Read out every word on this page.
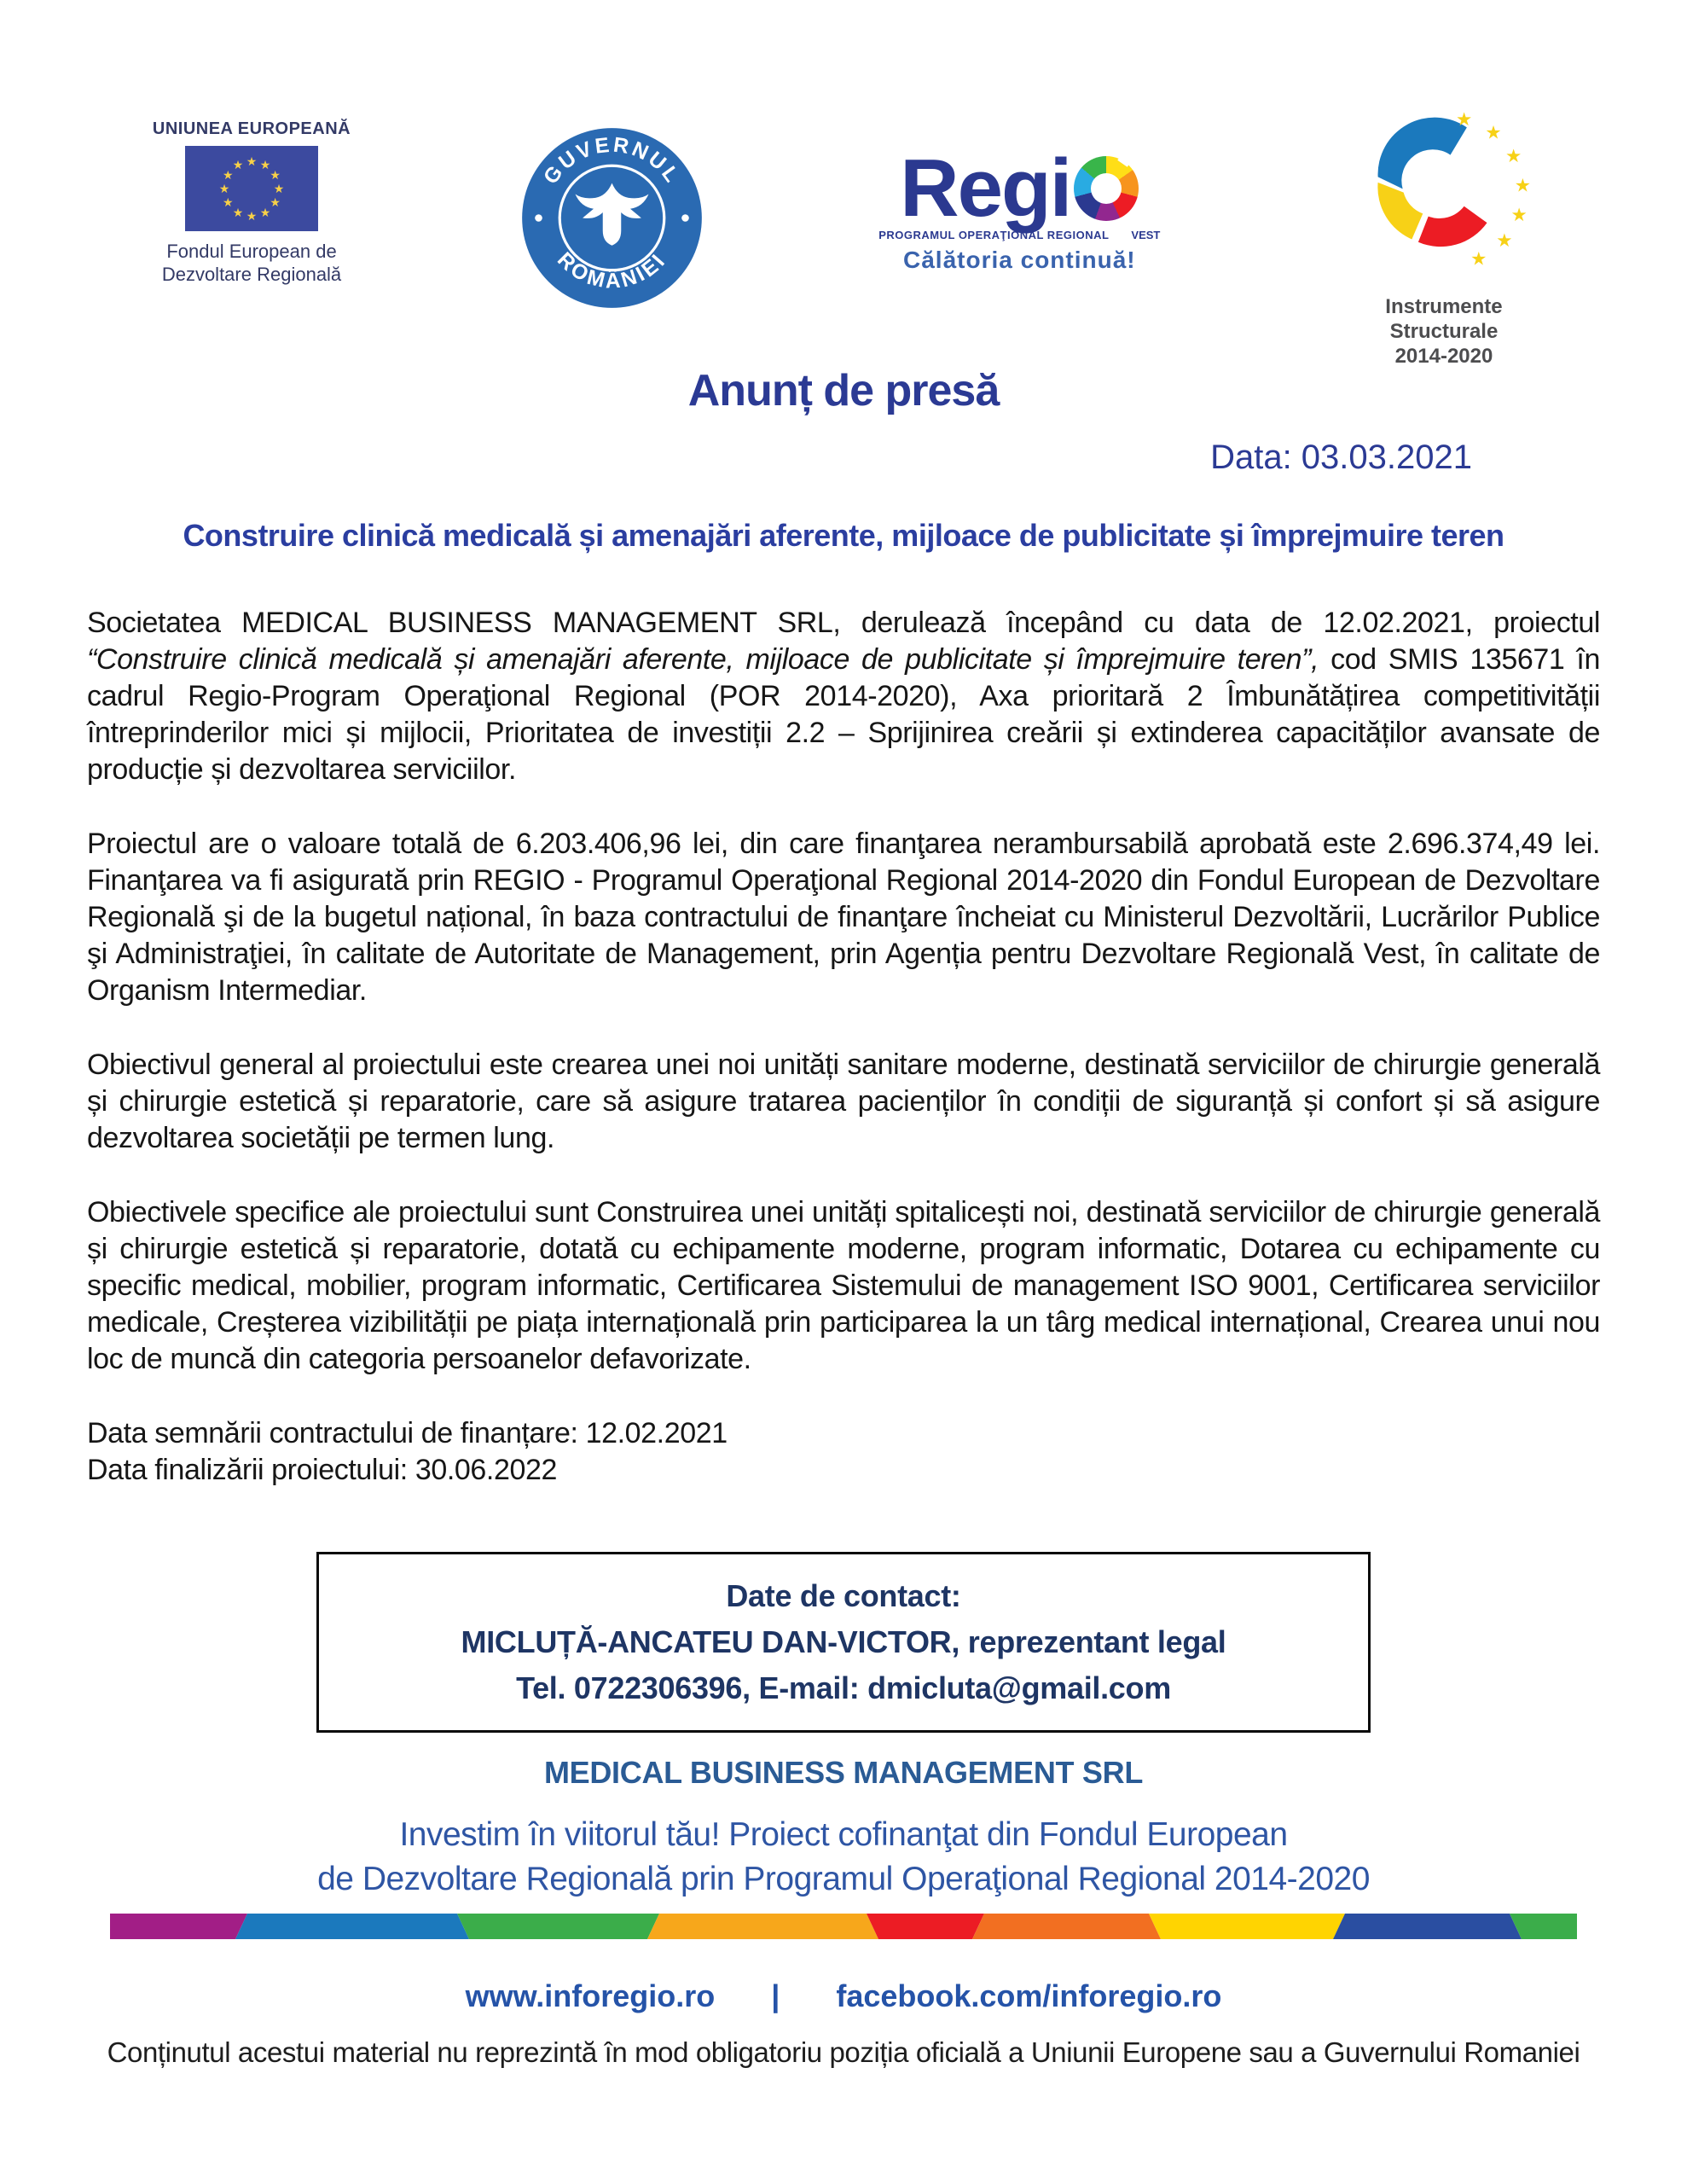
UNIUNEA EUROPEANĂ
★ ★
★
★
★
★
★
★
★
★
★
★
Fondul European de
Dezvoltare Regională
GUVERNUL
ROMÂNIEI
Regi
PROGRAMUL OPERAŢIONAL REGIONAL VEST
Călătoria continuă!
★
★
★
★
★
★
★
Instrumente Structurale
2014-2020
Anunț de presă
Data: 03.03.2021
Construire clinică medicală și amenajări aferente, mijloace de publicitate și împrejmuire teren

Societatea MEDICAL BUSINESS MANAGEMENT SRL, derulează începând cu data de 12.02.2021, proiectul “Construire clinică medicală și amenajări aferente, mijloace de publicitate și împrejmuire teren”, cod SMIS 135671 în cadrul Regio-Program Operaţional Regional (POR 2014-2020), Axa prioritară 2 Îmbunătățirea competitivității întreprinderilor mici și mijlocii, Prioritatea de investiții 2.2 – Sprijinirea creării și extinderea capacităților avansate de producție și dezvoltarea serviciilor.

Proiectul are o valoare totală de 6.203.406,96 lei, din care finanţarea nerambursabilă aprobată este 2.696.374,49 lei. Finanţarea va fi asigurată prin REGIO - Programul Operaţional Regional 2014-2020 din Fondul European de Dezvoltare Regională şi de la bugetul național, în baza contractului de finanţare încheiat cu Ministerul Dezvoltării, Lucrărilor Publice şi Administraţiei, în calitate de Autoritate de Management, prin Agenția pentru Dezvoltare Regională Vest, în calitate de Organism Intermediar.

Obiectivul general al proiectului este crearea unei noi unități sanitare moderne, destinată serviciilor de chirurgie generală și chirurgie estetică și reparatorie, care să asigure tratarea pacienților în condiții de siguranță și confort și să asigure dezvoltarea societății pe termen lung.

Obiectivele specifice ale proiectului sunt Construirea unei unități spitalicești noi, destinată serviciilor de chirurgie generală și chirurgie estetică și reparatorie, dotată cu echipamente moderne, program informatic, Dotarea cu echipamente cu specific medical, mobilier, program informatic, Certificarea Sistemului de management ISO 9001, Certificarea serviciilor medicale, Creșterea vizibilității pe piața internațională prin participarea la un târg medical internațional, Crearea unui nou loc de muncă din categoria persoanelor defavorizate.

Data semnării contractului de finanțare: 12.02.2021
Data finalizării proiectului: 30.06.2022
Date de contact:
MICLUȚĂ-ANCATEU DAN-VICTOR, reprezentant legal
Tel. 0722306396, E-mail: dmicluta@gmail.com
MEDICAL BUSINESS MANAGEMENT SRL
Investim în viitorul tău! Proiect cofinanţat din Fondul European
de Dezvoltare Regională prin Programul Operaţional Regional 2014-2020
www.inforegio.ro | facebook.com/inforegio.ro
Conținutul acestui material nu reprezintă în mod obligatoriu poziția oficială a Uniunii Europene sau a Guvernului Romaniei
